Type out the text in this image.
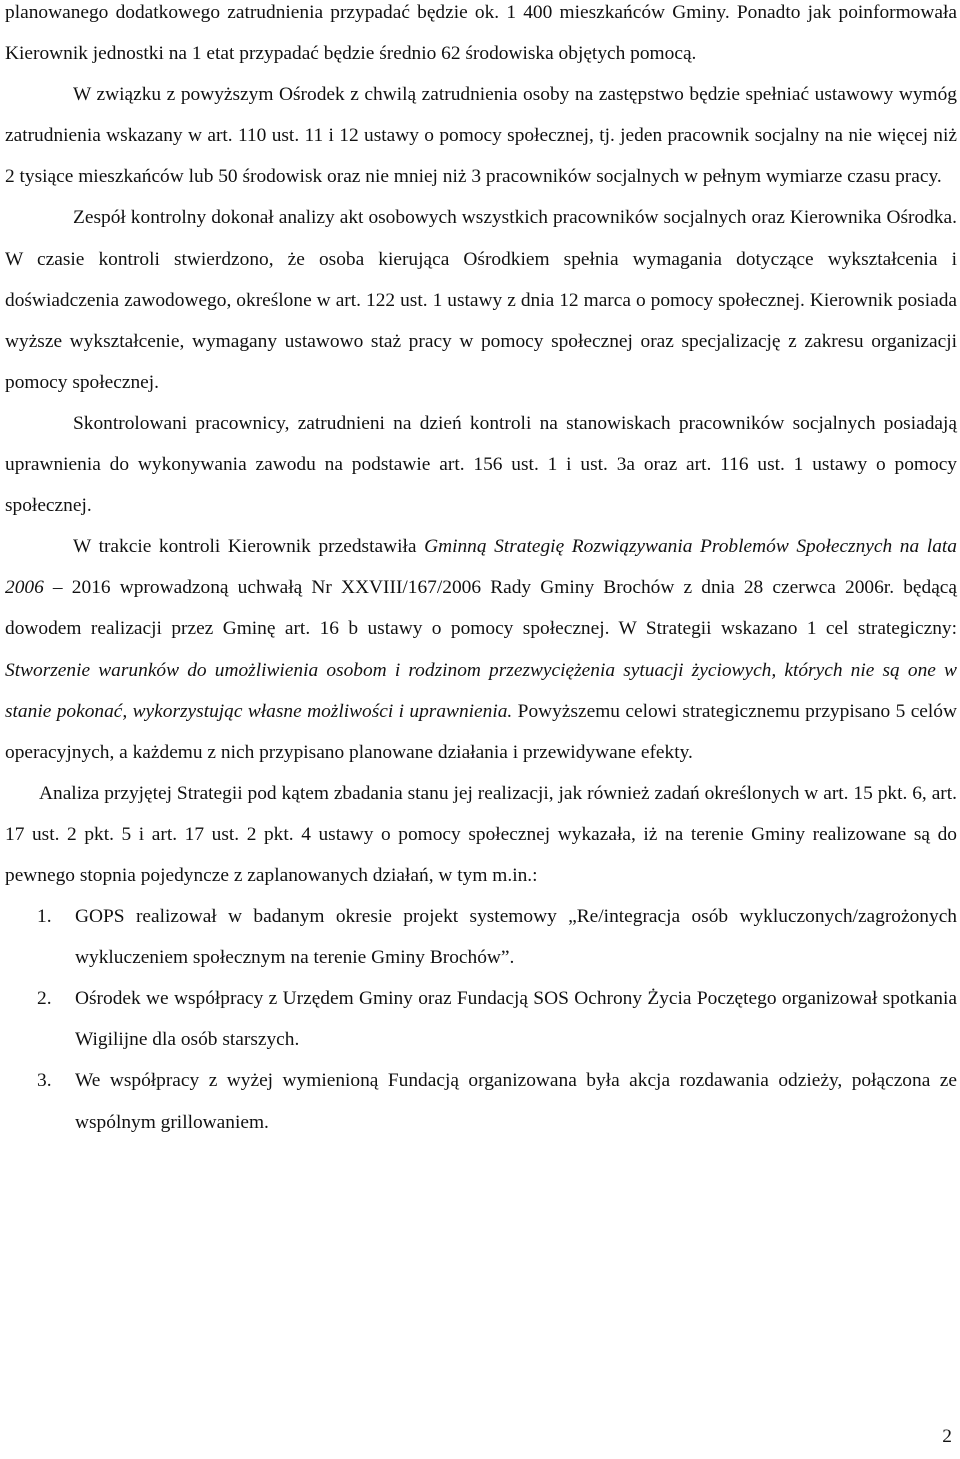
planowanego dodatkowego zatrudnienia przypadać będzie ok. 1 400 mieszkańców Gminy. Ponadto jak poinformowała Kierownik jednostki na 1 etat przypadać będzie średnio 62 środowiska objętych pomocą.

W związku z powyższym Ośrodek z chwilą zatrudnienia osoby na zastępstwo będzie spełniać ustawowy wymóg zatrudnienia wskazany w art. 110 ust. 11 i 12 ustawy o pomocy społecznej, tj. jeden pracownik socjalny na nie więcej niż 2 tysiące mieszkańców lub 50 środowisk oraz nie mniej niż 3 pracowników socjalnych w pełnym wymiarze czasu pracy.

Zespół kontrolny dokonał analizy akt osobowych wszystkich pracowników socjalnych oraz Kierownika Ośrodka. W czasie kontroli stwierdzono, że osoba kierująca Ośrodkiem spełnia wymagania dotyczące wykształcenia i doświadczenia zawodowego, określone w art. 122 ust. 1 ustawy z dnia 12 marca o pomocy społecznej. Kierownik posiada wyższe wykształcenie, wymagany ustawowo staż pracy w pomocy społecznej oraz specjalizację z zakresu organizacji pomocy społecznej.

Skontrolowani pracownicy, zatrudnieni na dzień kontroli na stanowiskach pracowników socjalnych posiadają uprawnienia do wykonywania zawodu na podstawie art. 156 ust. 1 i ust. 3a oraz art. 116 ust. 1 ustawy o pomocy społecznej.

W trakcie kontroli Kierownik przedstawiła Gminną Strategię Rozwiązywania Problemów Społecznych na lata 2006 – 2016 wprowadzoną uchwałą Nr XXVIII/167/2006 Rady Gminy Brochów z dnia 28 czerwca 2006r. będącą dowodem realizacji przez Gminę art. 16 b ustawy o pomocy społecznej. W Strategii wskazano 1 cel strategiczny: Stworzenie warunków do umożliwienia osobom i rodzinom przezwyciężenia sytuacji życiowych, których nie są one w stanie pokonać, wykorzystując własne możliwości i uprawnienia. Powyższemu celowi strategicznemu przypisano 5 celów operacyjnych, a każdemu z nich przypisano planowane działania i przewidywane efekty.

Analiza przyjętej Strategii pod kątem zbadania stanu jej realizacji, jak również zadań określonych w art. 15 pkt. 6, art. 17 ust. 2 pkt. 5 i art. 17 ust. 2 pkt. 4 ustawy o pomocy społecznej wykazała, iż na terenie Gminy realizowane są do pewnego stopnia pojedyncze z zaplanowanych działań, w tym m.in.:

1.	GOPS realizował w badanym okresie projekt systemowy „Re/integracja osób wykluczonych/zagrożonych wykluczeniem społecznym na terenie Gminy Brochów”.
2.	Ośrodek we współpracy z Urzędem Gminy oraz Fundacją SOS Ochrony Życia Poczętego organizował spotkania Wigilijne dla osób starszych.
3.	We współpracy z wyżej wymienioną Fundacją organizowana była akcja rozdawania odzieży, połączona ze wspólnym grillowaniem.
2
